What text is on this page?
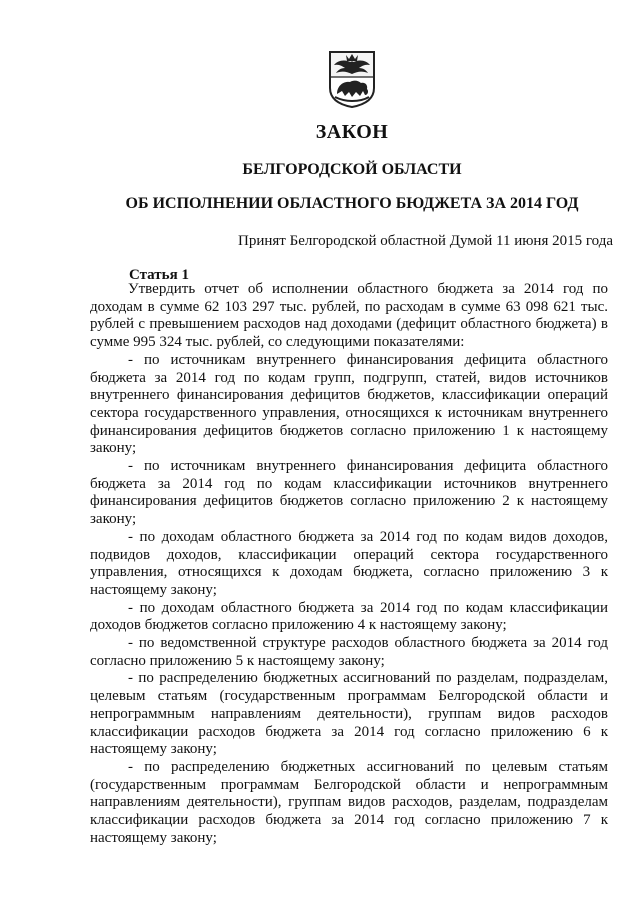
ЗАКОН
БЕЛГОРОДСКОЙ ОБЛАСТИ
ОБ ИСПОЛНЕНИИ ОБЛАСТНОГО БЮДЖЕТА ЗА 2014 ГОД
Принят Белгородской областной Думой 11 июня 2015 года
Статья 1

Утвердить отчет об исполнении областного бюджета за 2014 год по доходам в сумме 62 103 297 тыс. рублей, по расходам в сумме 63 098 621 тыс. рублей с превышением расходов над доходами (дефицит областного бюджета) в сумме 995 324 тыс. рублей, со следующими показателями:

- по источникам внутреннего финансирования дефицита областного бюджета за 2014 год по кодам групп, подгрупп, статей, видов источников внутреннего финансирования дефицитов бюджетов, классификации операций сектора государственного управления, относящихся к источникам внутреннего финансирования дефицитов бюджетов согласно приложению 1 к настоящему закону;

- по источникам внутреннего финансирования дефицита областного бюджета за 2014 год по кодам классификации источников внутреннего финансирования дефицитов бюджетов согласно приложению 2 к настоящему закону;

- по доходам областного бюджета за 2014 год по кодам видов доходов, подвидов доходов, классификации операций сектора государственного управления, относящихся к доходам бюджета, согласно приложению 3 к настоящему закону;

- по доходам областного бюджета за 2014 год по кодам классификации доходов бюджетов согласно приложению 4 к настоящему закону;

- по ведомственной структуре расходов областного бюджета за 2014 год согласно приложению 5 к настоящему закону;

- по распределению бюджетных ассигнований по разделам, подразделам, целевым статьям (государственным программам Белгородской области и непрограммным направлениям деятельности), группам видов расходов классификации расходов бюджета за 2014 год согласно приложению 6 к настоящему закону;

- по распределению бюджетных ассигнований по целевым статьям (государственным программам Белгородской области и непрограммным направлениям деятельности), группам видов расходов, разделам, подразделам классификации расходов бюджета за 2014 год согласно приложению 7 к настоящему закону;
